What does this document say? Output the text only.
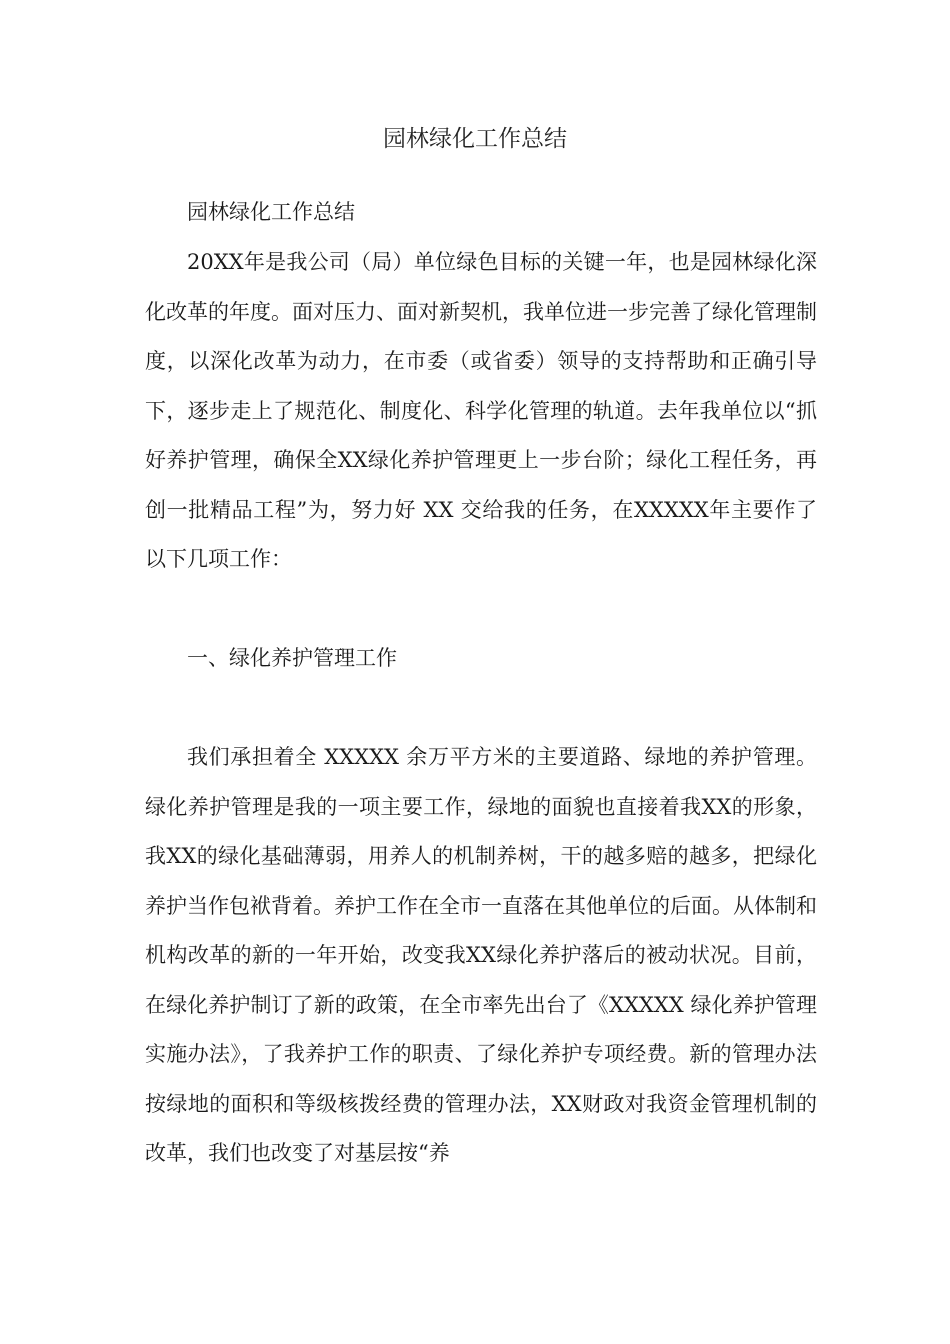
园林绿化工作总结

园林绿化工作总结

20XX年是我公司（局）单位绿色目标的关键一年，也是园林绿化深化改革的年度。面对压力、面对新契机，我单位进一步完善了绿化管理制度，以深化改革为动力，在市委（或省委）领导的支持帮助和正确引导下，逐步走上了规范化、制度化、科学化管理的轨道。去年我单位以“抓好养护管理，确保全XX绿化养护管理更上一步台阶；绿化工程任务，再创一批精品工程”为，努力好 XX 交给我的任务，在XXXXX年主要作了以下几项工作：

一、绿化养护管理工作

我们承担着全 XXXXX 余万平方米的主要道路、绿地的养护管理。绿化养护管理是我的一项主要工作，绿地的面貌也直接着我XX的形象，我XX的绿化基础薄弱，用养人的机制养树，干的越多赔的越多，把绿化养护当作包袱背着。养护工作在全市一直落在其他单位的后面。从体制和机构改革的新的一年开始，改变我XX绿化养护落后的被动状况。目前，在绿化养护制订了新的政策，在全市率先出台了《XXXXX 绿化养护管理实施办法》，了我养护工作的职责、了绿化养护专项经费。新的管理办法按绿地的面积和等级核拨经费的管理办法，XX财政对我资金管理机制的改革，我们也改变了对基层按“养
